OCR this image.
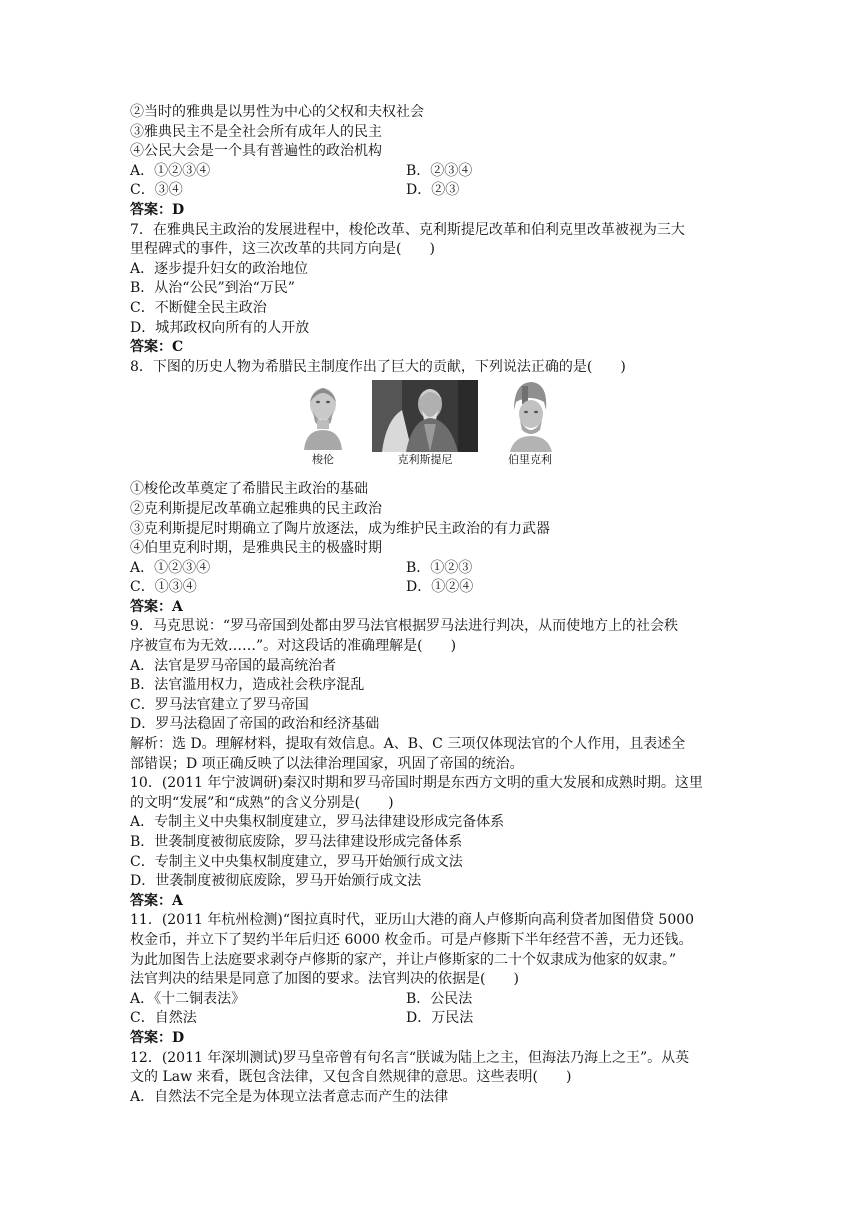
②当时的雅典是以男性为中心的父权和夫权社会
③雅典民主不是全社会所有成年人的民主
④公民大会是一个具有普遍性的政治机构
A．①②③④	B．②③④
C．③④	D．②③
答案：D
7．在雅典民主政治的发展进程中，梭伦改革、克利斯提尼改革和伯利克里改革被视为三大
里程碑式的事件，这三次改革的共同方向是(　　)
A．逐步提升妇女的政治地位
B．从治“公民”到治“万民”
C．不断健全民主政治
D．城邦政权向所有的人开放
答案：C
8．下图的历史人物为希腊民主制度作出了巨大的贡献，下列说法正确的是(　　)
梭伦	克利斯提尼	伯里克利
①梭伦改革奠定了希腊民主政治的基础
②克利斯提尼改革确立起雅典的民主政治
③克利斯提尼时期确立了陶片放逐法，成为维护民主政治的有力武器
④伯里克利时期，是雅典民主的极盛时期
A．①②③④	B．①②③
C．①③④	D．①②④
答案：A
9．马克思说：“罗马帝国到处都由罗马法官根据罗马法进行判决，从而使地方上的社会秩
序被宣布为无效……”。对这段话的准确理解是(　　)
A．法官是罗马帝国的最高统治者
B．法官滥用权力，造成社会秩序混乱
C．罗马法官建立了罗马帝国
D．罗马法稳固了帝国的政治和经济基础
解析：选 D。理解材料，提取有效信息。A、B、C 三项仅体现法官的个人作用，且表述全
部错误；D 项正确反映了以法律治理国家，巩固了帝国的统治。
10．(2011 年宁波调研)秦汉时期和罗马帝国时期是东西方文明的重大发展和成熟时期。这里
的文明“发展”和“成熟”的含义分别是(　　)
A．专制主义中央集权制度建立，罗马法律建设形成完备体系
B．世袭制度被彻底废除，罗马法律建设形成完备体系
C．专制主义中央集权制度建立，罗马开始颁行成文法
D．世袭制度被彻底废除，罗马开始颁行成文法
答案：A
11．(2011 年杭州检测)“图拉真时代，亚历山大港的商人卢修斯向高利贷者加图借贷 5000
枚金币，并立下了契约半年后归还 6000 枚金币。可是卢修斯下半年经营不善，无力还钱。
为此加图告上法庭要求剥夺卢修斯的家产，并让卢修斯家的二十个奴隶成为他家的奴隶。”
法官判决的结果是同意了加图的要求。法官判决的依据是(　　)
A．《十二铜表法》	B．公民法
C．自然法	D．万民法
答案：D
12．(2011 年深圳测试)罗马皇帝曾有句名言“朕诚为陆上之主，但海法乃海上之王”。从英
文的 Law 来看，既包含法律，又包含自然规律的意思。这些表明(　　)
A．自然法不完全是为体现立法者意志而产生的法律
